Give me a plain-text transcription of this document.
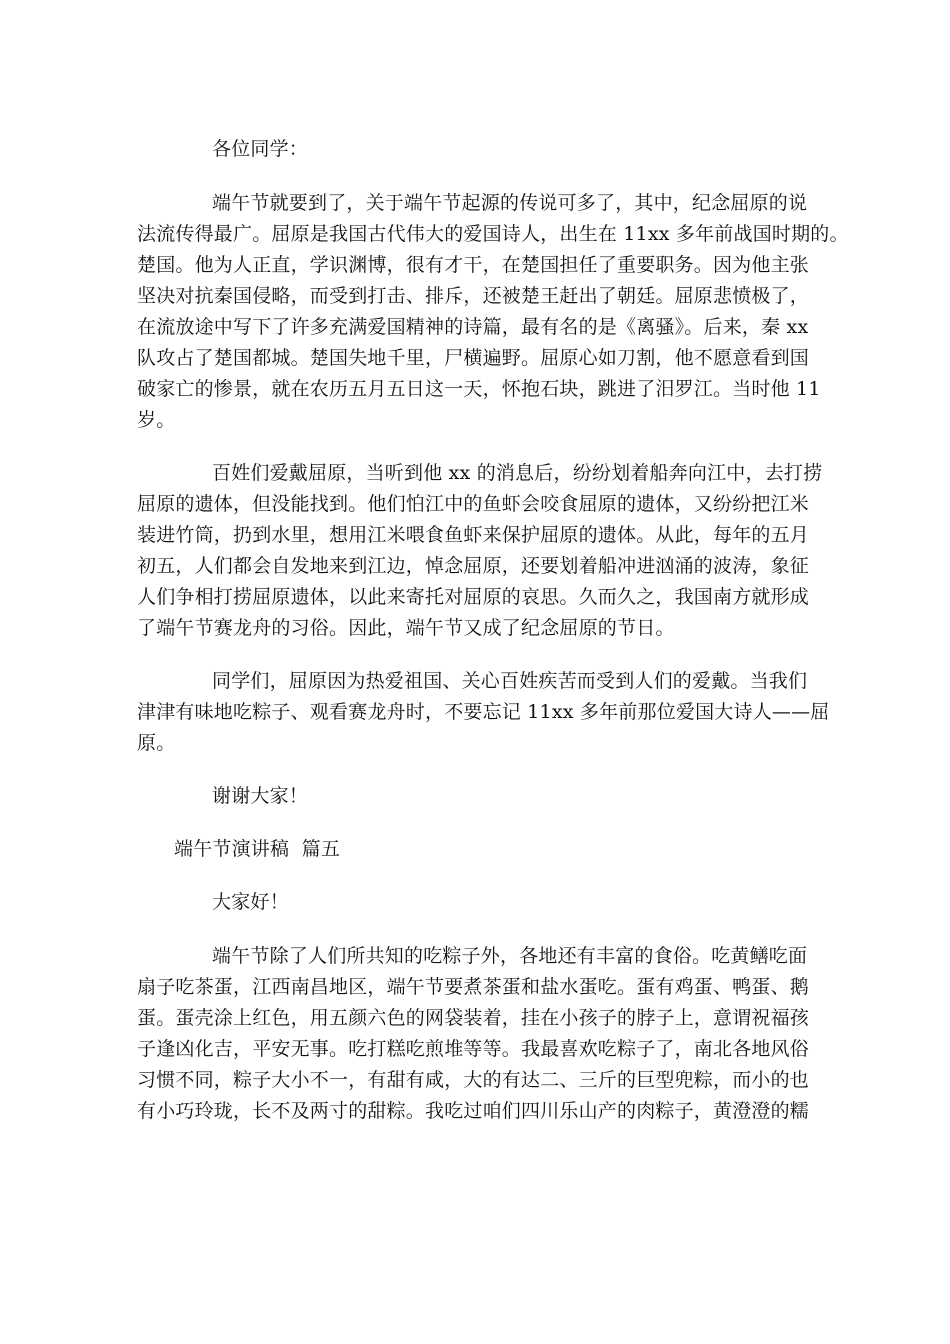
各位同学：
端午节就要到了，关于端午节起源的传说可多了，其中，纪念屈原的说
法流传得最广。屈原是我国古代伟大的爱国诗人，出生在 11xx 多年前战国时期的。
楚国。他为人正直，学识渊博，很有才干，在楚国担任了重要职务。因为他主张
坚决对抗秦国侵略，而受到打击、排斥，还被楚王赶出了朝廷。屈原悲愤极了，
在流放途中写下了许多充满爱国精神的诗篇，最有名的是《离骚》。后来，秦 xx
队攻占了楚国都城。楚国失地千里，尸横遍野。屈原心如刀割，他不愿意看到国
破家亡的惨景，就在农历五月五日这一天，怀抱石块，跳进了汨罗江。当时他 11
岁。
百姓们爱戴屈原，当听到他 xx 的消息后，纷纷划着船奔向江中，去打捞
屈原的遗体，但没能找到。他们怕江中的鱼虾会咬食屈原的遗体，又纷纷把江米
装进竹筒，扔到水里，想用江米喂食鱼虾来保护屈原的遗体。从此，每年的五月
初五，人们都会自发地来到江边，悼念屈原，还要划着船冲进汹涌的波涛，象征
人们争相打捞屈原遗体，以此来寄托对屈原的哀思。久而久之，我国南方就形成
了端午节赛龙舟的习俗。因此，端午节又成了纪念屈原的节日。
同学们，屈原因为热爱祖国、关心百姓疾苦而受到人们的爱戴。当我们
津津有味地吃粽子、观看赛龙舟时，不要忘记 11xx 多年前那位爱国大诗人——屈
原。
谢谢大家！
端午节演讲稿  篇五
大家好！
端午节除了人们所共知的吃粽子外，各地还有丰富的食俗。吃黄鳝吃面
扇子吃茶蛋，江西南昌地区，端午节要煮茶蛋和盐水蛋吃。蛋有鸡蛋、鸭蛋、鹅
蛋。蛋壳涂上红色，用五颜六色的网袋装着，挂在小孩子的脖子上，意谓祝福孩
子逢凶化吉，平安无事。吃打糕吃煎堆等等。我最喜欢吃粽子了，南北各地风俗
习惯不同，粽子大小不一，有甜有咸，大的有达二、三斤的巨型兜粽，而小的也
有小巧玲珑，长不及两寸的甜粽。我吃过咱们四川乐山产的肉粽子，黄澄澄的糯
